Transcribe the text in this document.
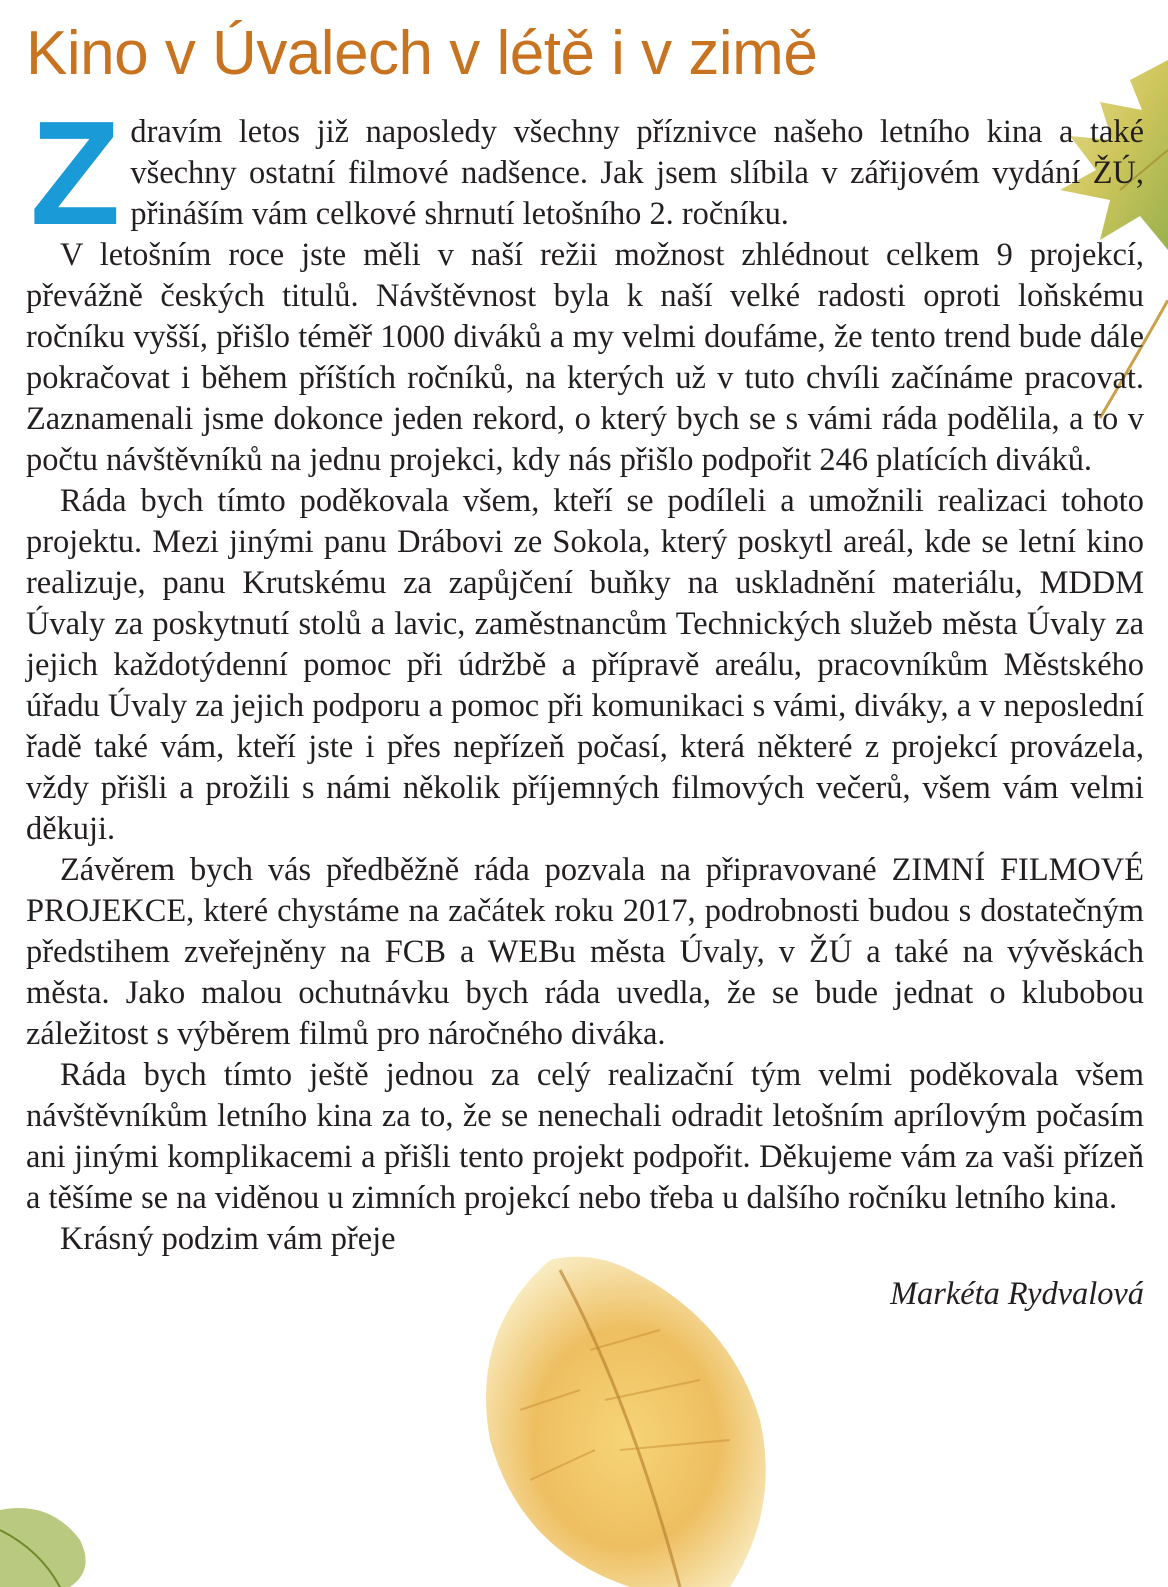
Kino v Úvalech v létě i v zimě

Zdravím letos již naposledy všechny příznivce našeho letního kina a také všechny ostatní filmové nadšence. Jak jsem slíbila v zářijovém vydání ŽÚ, přináším vám celkové shrnutí letošního 2. ročníku.

V letošním roce jste měli v naší režii možnost zhlédnout celkem 9 projekcí, převážně českých titulů. Návštěvnost byla k naší velké radosti oproti loňskému ročníku vyšší, přišlo téměř 1000 diváků a my velmi doufáme, že tento trend bude dále pokračovat i během příštích ročníků, na kterých už v tuto chvíli začínáme pracovat. Zaznamenali jsme dokonce jeden rekord, o který bych se s vámi ráda podělila, a to v počtu návštěvníků na jednu projekci, kdy nás přišlo podpořit 246 platících diváků.

Ráda bych tímto poděkovala všem, kteří se podíleli a umožnili realizaci tohoto projektu. Mezi jinými panu Drábovi ze Sokola, který poskytl areál, kde se letní kino realizuje, panu Krutskému za zapůjčení buňky na uskladnění materiálu, MDDM Úvaly za poskytnutí stolů a lavic, zaměstnancům Technických služeb města Úvaly za jejich každotýdenní pomoc při údržbě a přípravě areálu, pracovníkům Městského úřadu Úvaly za jejich podporu a pomoc při komunikaci s vámi, diváky, a v neposlední řadě také vám, kteří jste i přes nepřízeň počasí, která některé z projekcí provázela, vždy přišli a prožili s námi několik příjemných filmových večerů, všem vám velmi děkuji.

Závěrem bych vás předběžně ráda pozvala na připravované ZIMNÍ FILMOVÉ PROJEKCE, které chystáme na začátek roku 2017, podrobnosti budou s dostatečným předstihem zveřejněny na FCB a WEBu města Úvaly, v ŽÚ a také na vývěskách města. Jako malou ochutnávku bych ráda uvedla, že se bude jednat o klubobou záležitost s výběrem filmů pro náročného diváka.

Ráda bych tímto ještě jednou za celý realizační tým velmi poděkovala všem návštěvníkům letního kina za to, že se nenechali odradit letošním aprílovým počasím ani jinými komplikacemi a přišli tento projekt podpořit. Děkujeme vám za vaši přízeň a těšíme se na viděnou u zimních projekcí nebo třeba u dalšího ročníku letního kina.

Krásný podzim vám přeje

Markéta Rydvalová
